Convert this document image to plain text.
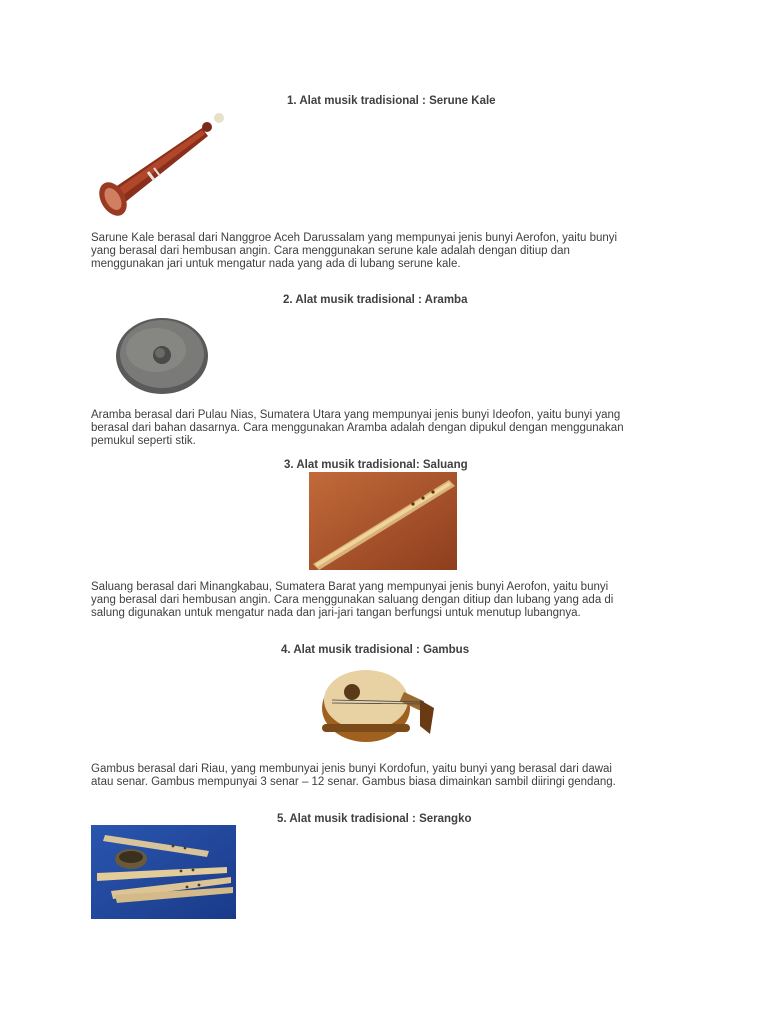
1. Alat musik tradisional : Serune Kale
Sarune Kale berasal dari Nanggroe Aceh Darussalam yang mempunyai jenis bunyi Aerofon, yaitu bunyi
yang berasal dari hembusan angin. Cara menggunakan serune kale adalah dengan ditiup dan
menggunakan jari untuk mengatur nada yang ada di lubang serune kale.
2. Alat musik tradisional : Aramba
Aramba berasal dari Pulau Nias, Sumatera Utara yang mempunyai jenis bunyi Ideofon, yaitu bunyi yang
berasal dari bahan dasarnya. Cara menggunakan Aramba adalah dengan dipukul dengan menggunakan
pemukul seperti stik.
3. Alat musik tradisional: Saluang
Saluang berasal dari Minangkabau, Sumatera Barat yang mempunyai jenis bunyi Aerofon, yaitu bunyi
yang berasal dari hembusan angin. Cara menggunakan saluang dengan ditiup dan lubang yang ada di
salung digunakan untuk mengatur nada dan jari-jari tangan berfungsi untuk menutup lubangnya.
4. Alat musik tradisional : Gambus
Gambus berasal dari Riau, yang membunyai jenis bunyi Kordofun, yaitu bunyi yang berasal dari dawai
atau senar. Gambus mempunyai 3 senar – 12 senar. Gambus biasa dimainkan sambil diiringi gendang.
5. Alat musik tradisional : Serangko
